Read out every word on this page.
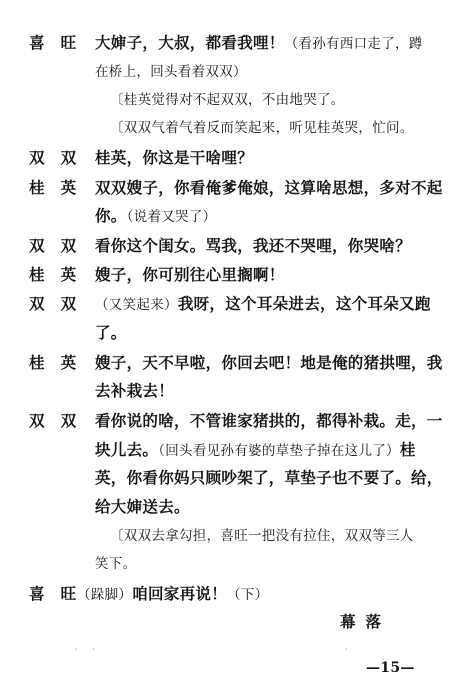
喜　旺 大婶子，大叔，都看我哩！（看孙有西口走了，蹲
在桥上，回头看着双双）
〔桂英觉得对不起双双，不由地哭了。
〔双双气着气着反而笑起来，听见桂英哭，忙问。
双　双 桂英，你这是干啥哩？
桂　英 双双嫂子，你看俺爹俺娘，这算啥思想，多对不起
你。（说着又哭了）
双　双 看你这个闺女。骂我，我还不哭哩，你哭啥？
桂　英 嫂子，你可别往心里搁啊！
双　双 （又笑起来）我呀，这个耳朵进去，这个耳朵又跑
了。
桂　英 嫂子，天不早啦，你回去吧！地是俺的猪拱哩，我
去补栽去！
双　双 看你说的啥，不管谁家猪拱的，都得补栽。走，一
块儿去。（回头看见孙有婆的草垫子掉在这儿了）桂
英，你看你妈只顾吵架了，草垫子也不要了。给，
给大婶送去。
〔双双去拿勾担，喜旺一把没有拉住，双双等三人
笑下。
喜　旺 （跺脚）咱回家再说！（下）
幕落
· ·	·
—15—
